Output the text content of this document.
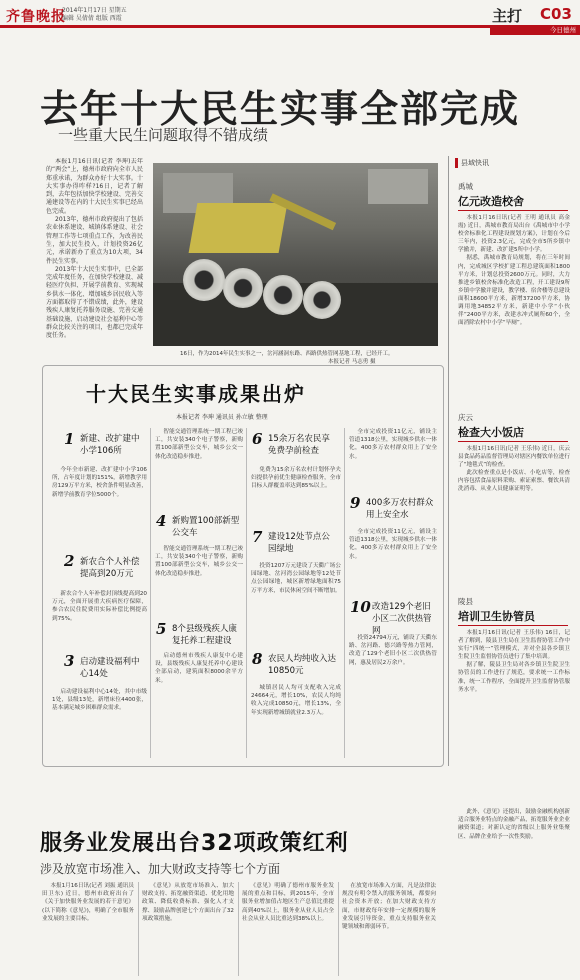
齐鲁晚报
2014年1月17日 星期五
编辑 吴倩倩 组版 西霞	主打 C03
今日德州
去年十大民生实事全部完成
一些重大民生问题取得不错成绩

本报1月16日讯(记者 李珅)去年的“两会”上，德州市政府向全市人民郑重承诺，为群众办好十大实事。十大实事办得咋样?16日，记者了解到，去年包括加快学校建设、完善交通建设等在内的十大民生实事已经出色完成。

2013年，德州市政府提出了包括农业休系建设、城镇体系建设、社会管理工作等七项重点工作，为改善民生，加大民生投入，计划投资26亿元，承诺新办了重点为10大项，34件民生实事。

2013年十大民生实事中，已全部完成年度任务，在加快学校建设、减轻医疗负担、开展学前教育、实现城乡供水一体化、增加城乡居民收入等方面都取得了不错成绩，此外，建设残疾人康复托养服务设施、完善交通基础设施、启动建设社会福利中心等群众比较关注的项目，也都已完成年度任务。

16日，作为2014年民生实事之一，岔河涵洞东路、西路供热管网基地工程，已经开工。
本报记者 马志勇 摄
县域快讯
禹城
亿元改造校舍

本报1月16日讯(记者 王明 通讯员 高金霞) 近日，禹城市教育局出台《禹城市中小学校舍标准化工程建设规划方案》，计划在今后三年内，投资2.3亿元，完成全市5所乡镇中学撤并，新建、改扩建5所中小学。

据悉，禹城市教育局规划，将在三年时间内，完成城区学校扩建工程总建筑面积1800平方米，计划总投资2600万元。同时，大力推进乡镇校舍标准化改造工程，开工建设9所乡镇中学撤并建设，教学楼、宿舍楼等总建设面积18600平方米，新增37200平方米，协调用地34852平方米，新建中小学“小伙伴”2400平方米，改建水冲式厕所60个，全面消除农村中小学“旱厕”。

庆云
检查大小饭店

本报1月16日讯(记者 王乐伟) 近日，庆云县食品药品监督管理局对辖区内餐饮单位进行了“地毯式”的检查。

此次检查重点是小饭店、小吃店等，检查内容包括食品原料采购、索证索票、餐饮具清洗消毒、从业人员健康证明等。

陵县
培训卫生协管员

本报1月16日讯(记者 王乐伟) 16日，记者了解到，陵县卫生局在卫生监督协管工作中实行“四统一”管理模式，并对全县各乡镇卫生院卫生监督协管员进行了集中培训。

据了解，陵县卫生局对各乡镇卫生院卫生协管员的工作进行了规范，要求统一工作标准，统一工作程序，全面提升卫生监督协管服务水平。

十大民生实事成果出炉
本报记者 李珅 通讯员 孙立敏 整理
1 新建、改扩建中小学106所

今年全市新建、改扩建中小学106所，占年度计划的151%，新增教学用房129万平方米，校舍条件明显改善，新增学前教育学位5000个。

2 新农合个人补偿提高到20万元

新农合个人年补偿封顶线提高到20万元，全面开展重大疾病医疗保障，参合农民住院费用实际补偿比例提高到75%。

3 启动建设福利中心14处

启动建设福利中心14处，其中市级1处，县级13处，新增床位4400张，基本满足城乡困难群众需求。

智能交通管理系统一期工程已竣工，共安装340个电子警察，新购置100部新型公交车，城乡公交一体化改造稳步推进。

4 新购置100部新型公交车

智能交通管理系统一期工程已竣工，共安装340个电子警察，新购置100部新型公交车，城乡公交一体化改造稳步推进。

5 8个县级残疾人康复托养工程建设

启动德州市残疾人康复中心建设，县级残疾人康复托养中心建设全部启动，建筑面积8000余平方米。

6 15余万名农民享免费孕前检查

免费为15余万名农村计划怀孕夫妇提供孕前优生健康检查服务，全市目标人群覆盖率达到85%以上。

7 建设12处节点公园绿地

投资1207万元建设了天衢广场公园绿地、岔河湾公园绿地等12处节点公园绿地，城区新增绿地面积75万平方米，市民休闲空间不断增加。

8 农民人均纯收入达10850元

城镇居民人均可支配收入完成24664元，增长10%，农民人均纯收入完成10850元，增长13%，全年实现新增城镇就业2.3万人。

全市完成投资11亿元，铺设主管道1318公里，实现城乡供水一体化，400多万农村群众用上了安全水。

9 400多万农村群众用上安全水

全市完成投资11亿元，铺设主管道1318公里，实现城乡供水一体化，400多万农村群众用上了安全水。

10 改造129个老旧小区二次供热管网

投资24794万元，铺设了天衢东路、岔河路、德兴路等热力管网，改造了129个老旧小区二次供热管网，惠及居民2万余户。

服务业发展出台32项政策红利
涉及放宽市场准入、加大财政支持等七个方面

本报1月16日讯(记者 刘振 通讯员 田卫东) 近日，德州市政府出台了《关于加快服务业发展的若干意见》(以下简称《意见》)，明确了全市服务业发展的主要目标。

《意见》从放宽市场准入、加大财政支持、拓宽融资渠道、优化用地政策、降低收费标准、强化人才支撑、鼓励品牌创建七个方面出台了32项政策措施。

《意见》明确了德州市服务业发展的重点和目标，到2015年，全市服务业增加值占地区生产总值比重提高到40%以上，服务业从业人员占全社会从业人员比重达到38%以上。

在放宽市场准入方面，凡是法律法规没有明令禁入的服务领域，都要向社会资本开放；在加大财政支持方面，市财政每年安排一定规模的服务业发展引导资金，重点支持服务业关键领域和薄弱环节。

此外，《意见》还提出，鼓励金融机构创新适合服务业特点的金融产品，拓宽服务业企业融资渠道；对新认定的省级以上服务业集聚区、品牌企业给予一次性奖励。
